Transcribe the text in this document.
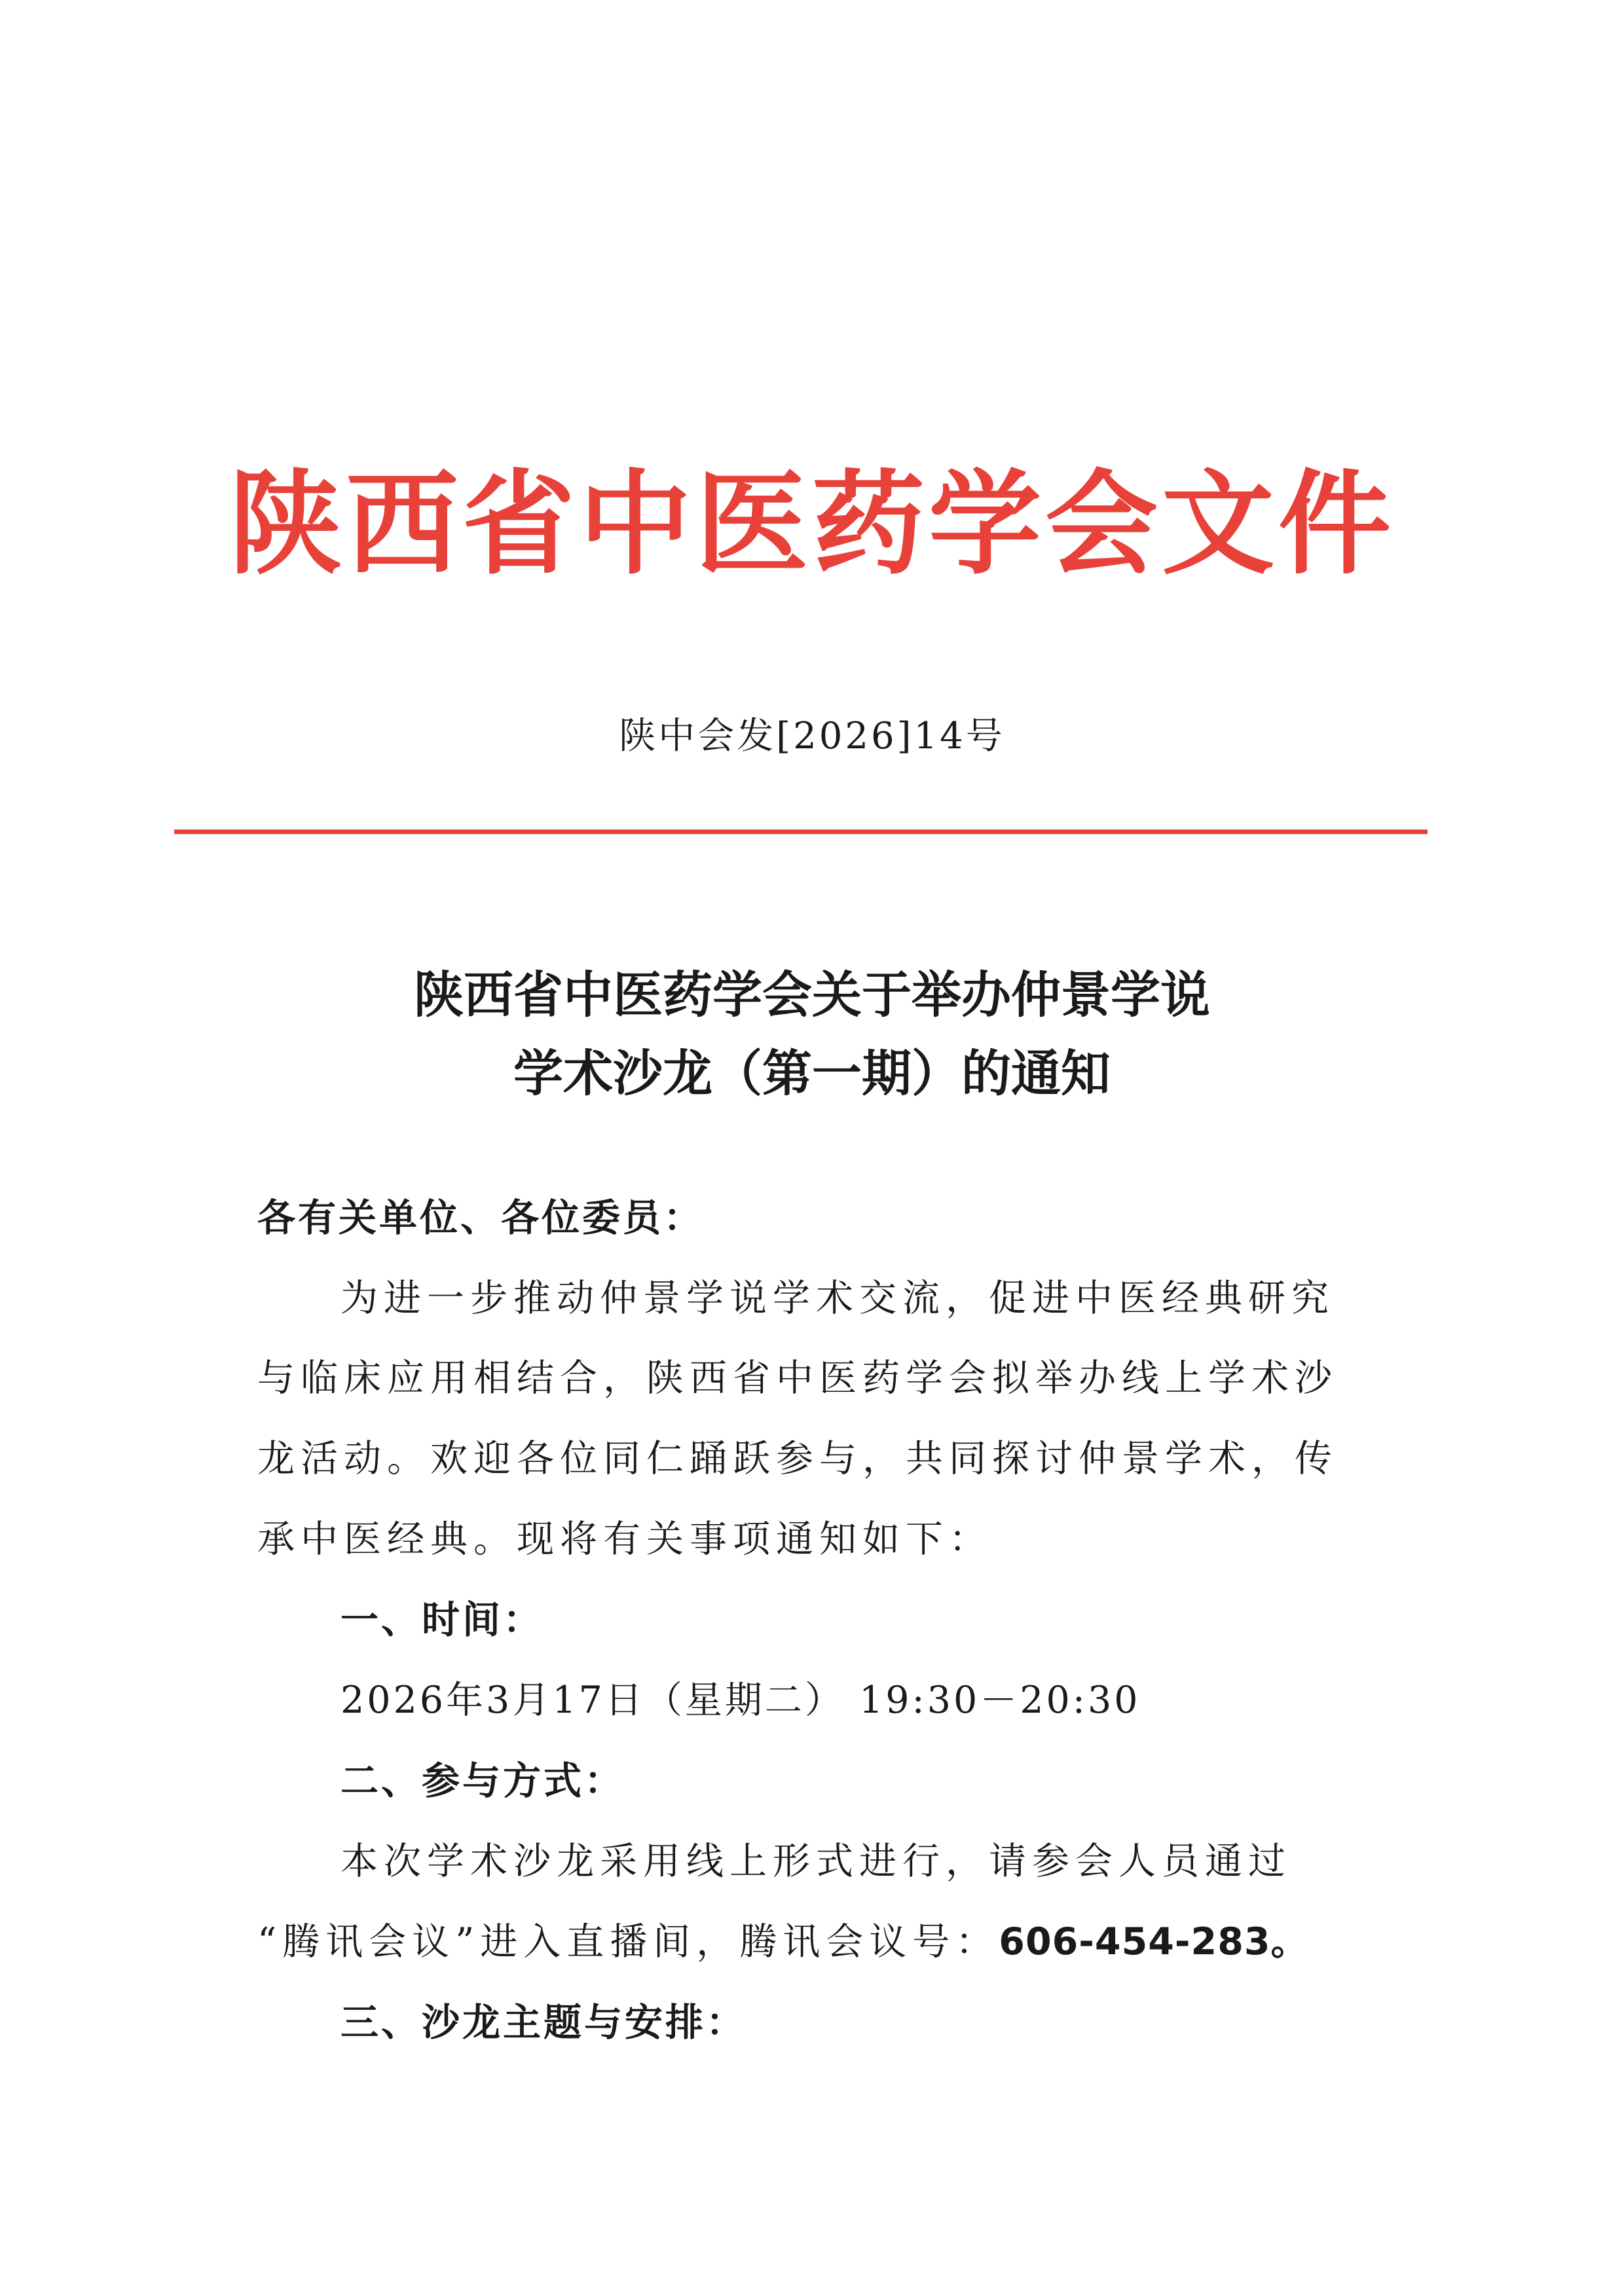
陕西省中医药学会文件
陕中会发[2026]14号
陕西省中医药学会关于举办仲景学说
学术沙龙（第一期）的通知
各有关单位、各位委员：
为进一步推动仲景学说学术交流，促进中医经典研究
与临床应用相结合，陕西省中医药学会拟举办线上学术沙
龙活动。欢迎各位同仁踊跃参与，共同探讨仲景学术，传
承中医经典。现将有关事项通知如下：
一、时间：
2026年3月17日（星期二） 19:30－20:30
二、参与方式：
本次学术沙龙采用线上形式进行，请参会人员通过
“腾讯会议”进入直播间，腾讯会议号：606-454-283。
三、沙龙主题与安排：
